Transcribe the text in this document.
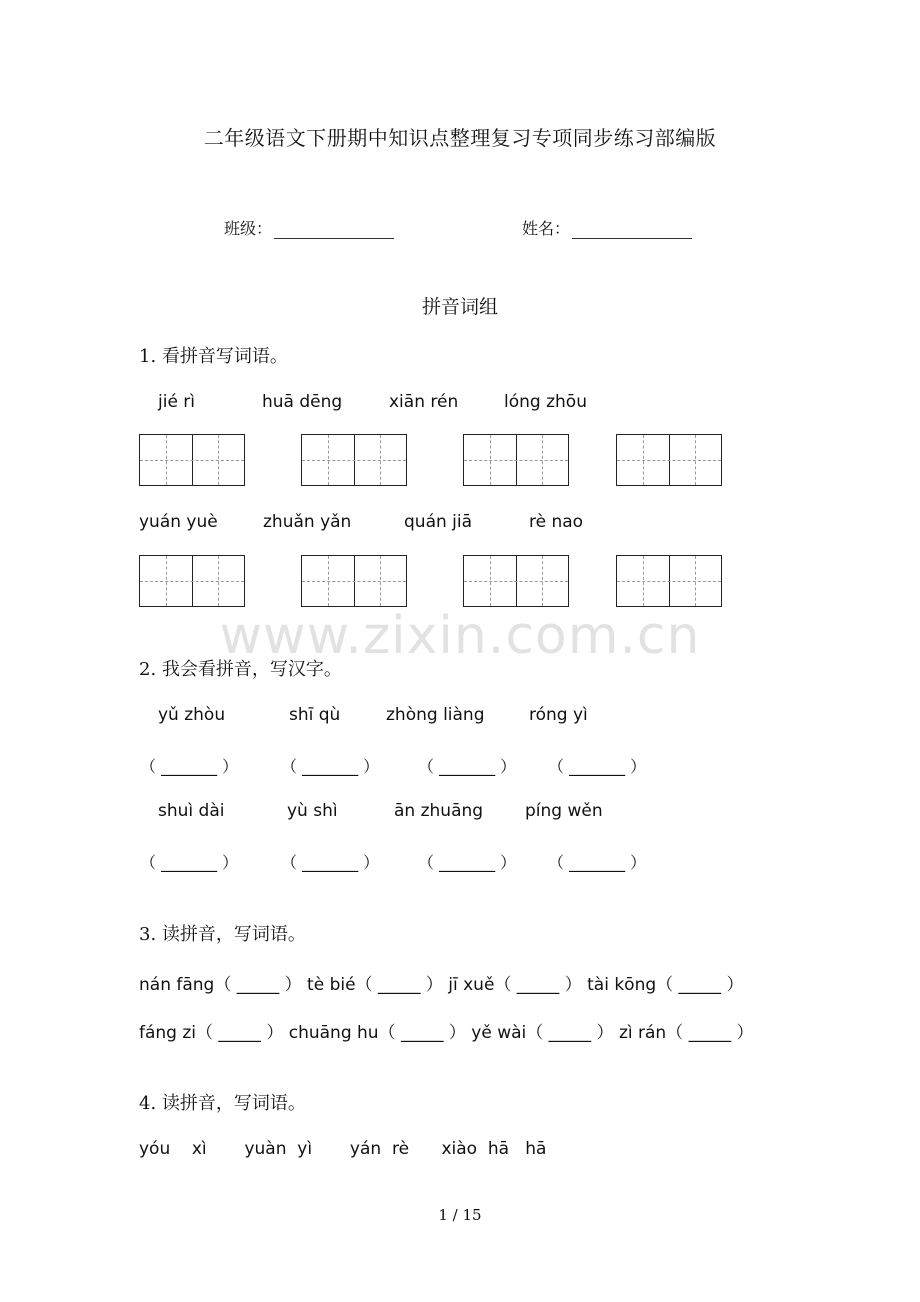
二年级语文下册期中知识点整理复习专项同步练习部编版
班级：	姓名：
拼音词组
1. 看拼音写词语。
jié rì	huā dēng	xiān rén	lóng zhōu
yuán yuè	zhuǎn yǎn	quán jiā	rè nao
www.zixin.com.cn
2. 我会看拼音，写汉字。
yǔ zhòu	shī qù	zhòng liàng	róng yì
（ _______ ）	（ _______ ） （ _______ ） （ _______ ）
shuì dài	yù shì	ān zhuāng píng wěn
（ _______ ）	（ _______ ） （ _______ ） （ _______ ）
3. 读拼音，写词语。
nán fāng（ _____ ） tè bié（ _____ ） jī xuě（ _____ ） tài kōng（ _____ ）
fáng zi（ _____ ） chuāng hu（ _____ ） yě wài（ _____ ） zì rán（ _____ ）
4. 读拼音，写词语。
yóu    xì       yuàn  yì       yán  rè      xiào  hā   hā
1 / 15
